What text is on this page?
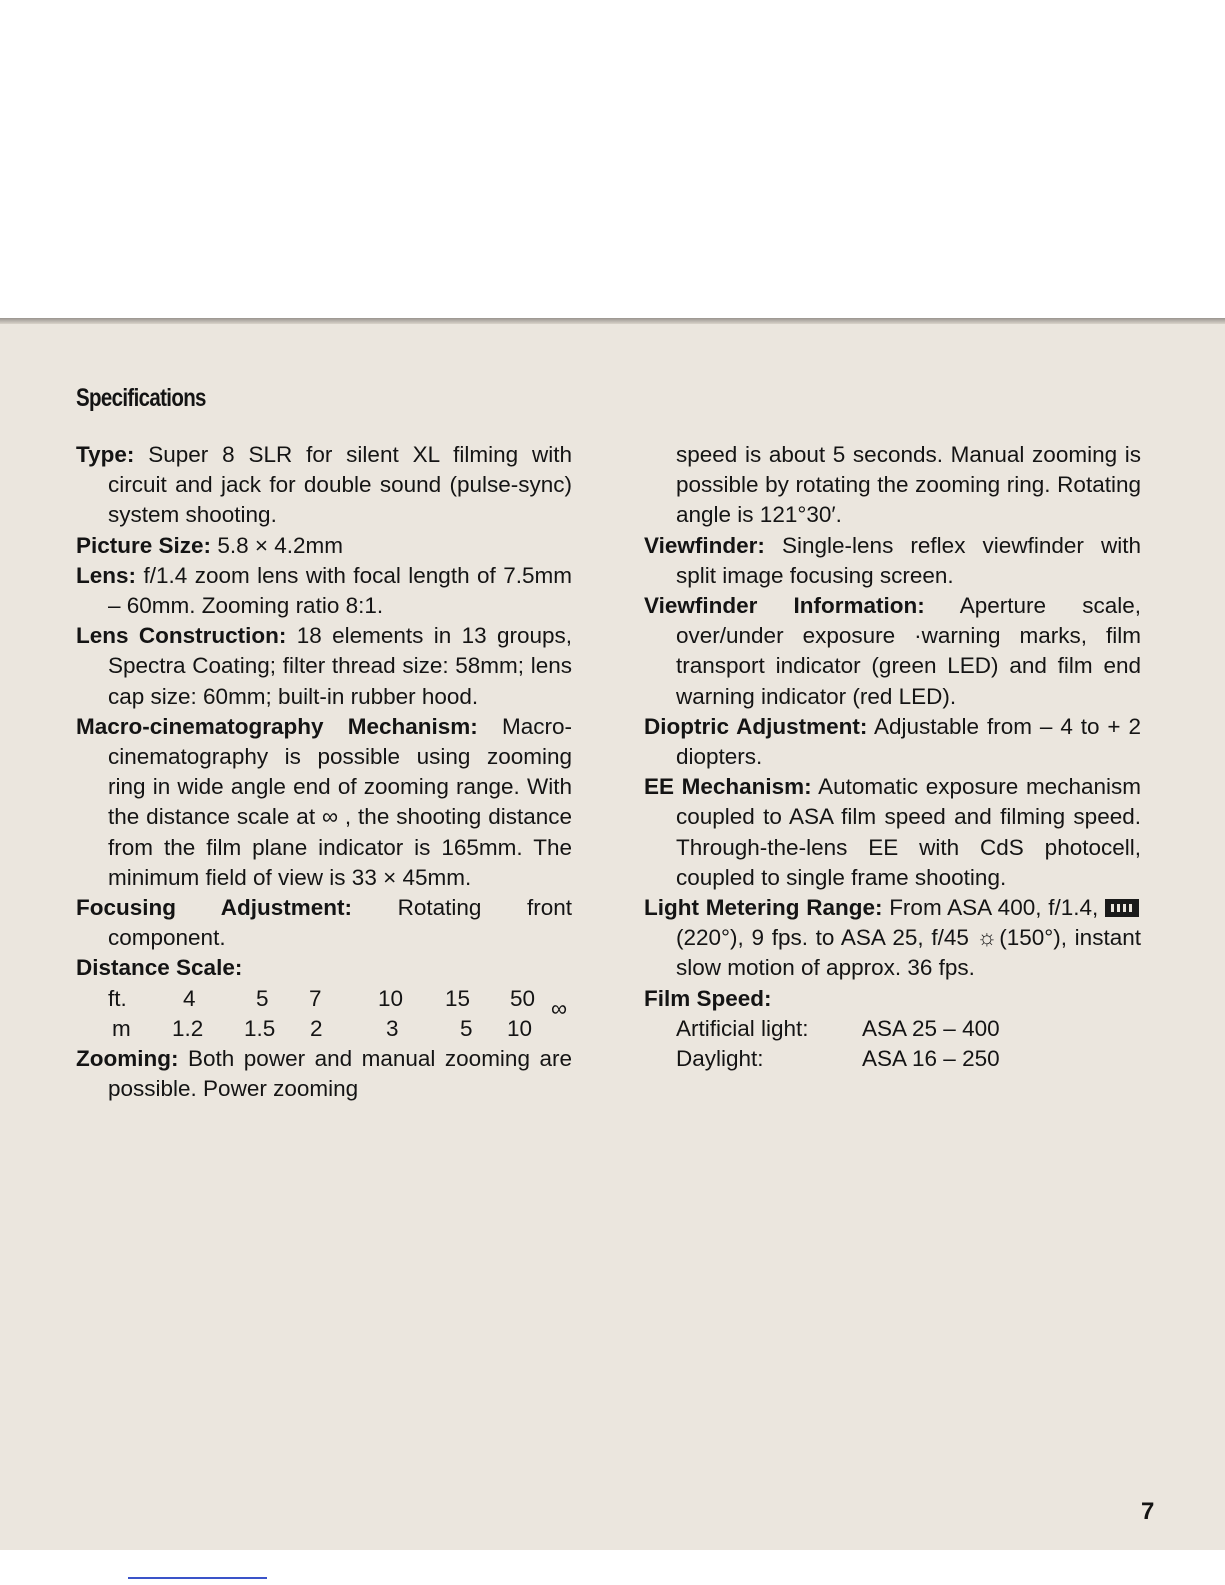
Specifications

Type: Super 8 SLR for silent XL filming with circuit and jack for double sound (pulse-sync) system shooting.

Picture Size: 5.8 × 4.2mm

Lens: f/1.4 zoom lens with focal length of 7.5mm – 60mm. Zooming ratio 8:1.

Lens Construction: 18 elements in 13 groups, Spectra Coating; filter thread size: 58mm; lens cap size: 60mm; built-in rubber hood.

Macro-cinematography Mechanism: Macro-cinematography is possible using zooming ring in wide angle end of zooming range. With the distance scale at ∞ , the shooting distance from the film plane indicator is 165mm. The minimum field of view is 33 × 45mm.

Focusing Adjustment: Rotating front component.

Distance Scale:

ft. 4	5 7	10 15 50 ∞
m 1.2 1.5 2	3	5 10

Zooming: Both power and manual zooming are possible. Power zooming

speed is about 5 seconds. Manual zooming is possible by rotating the zooming ring. Rotating angle is 121°30′.

Viewfinder: Single-lens reflex viewfinder with split image focusing screen.

Viewfinder Information: Aperture scale, over/under exposure ·warning marks, film transport indicator (green LED) and film end warning indicator (red LED).

Dioptric Adjustment: Adjustable from – 4 to + 2 diopters.

EE Mechanism: Automatic exposure mechanism coupled to ASA film speed and filming speed. Through-the-lens EE with CdS photocell, coupled to single frame shooting.

Light Metering Range: From ASA 400, f/1.4, (220°), 9 fps. to ASA 25, f/45 ☼ (150°), instant slow motion of approx. 36 fps.

Film Speed:

Artificial light: ASA 25 – 400
Daylight:	ASA 16 – 250
7
